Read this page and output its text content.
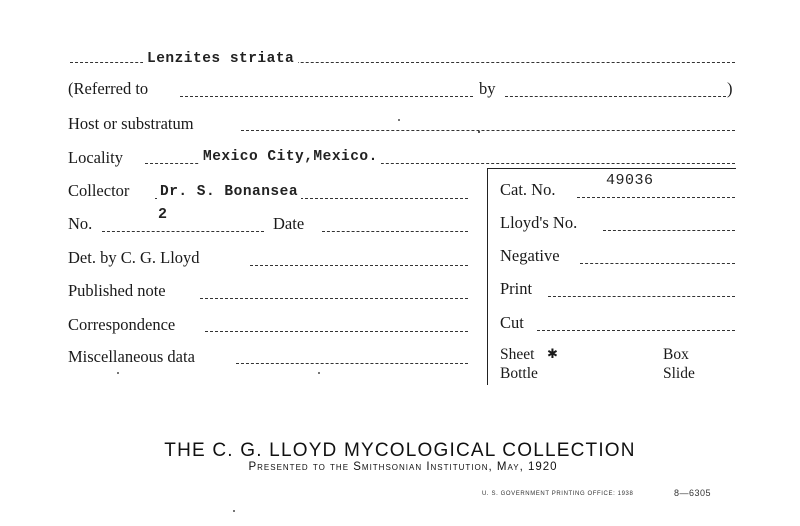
Lenzites striata
(Referred to	by	)
Host or substratum
Locality	Mexico City,Mexico.
Collector Dr. S. Bonansea
No.	2	Date
Det. by C. G. Lloyd
Published note
Correspondence
Miscellaneous data
Cat. No.	49036
Lloyd's No.
Negative
Print
Cut
Sheet ✱	Box
Bottle	Slide
THE C. G. LLOYD MYCOLOGICAL COLLECTION
Presented to the Smithsonian Institution, May, 1920
U. S. GOVERNMENT PRINTING OFFICE: 1938	8—6305
